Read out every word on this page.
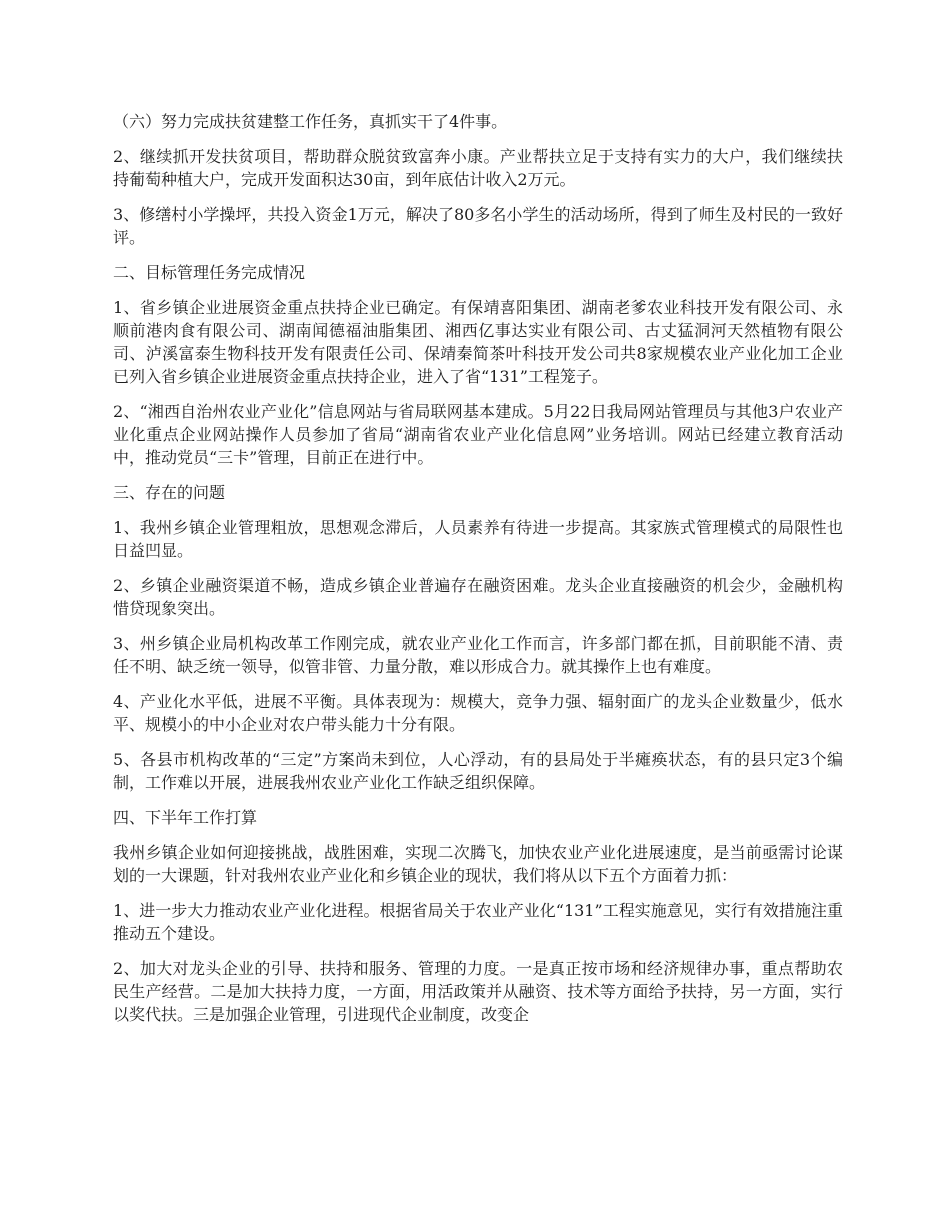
（六）努力完成扶贫建整工作任务，真抓实干了4件事。

2、继续抓开发扶贫项目，帮助群众脱贫致富奔小康。产业帮扶立足于支持有实力的大户，我们继续扶持葡萄种植大户，完成开发面积达30亩，到年底估计收入2万元。

3、修缮村小学操坪，共投入资金1万元，解决了80多名小学生的活动场所，得到了师生及村民的一致好评。

二、目标管理任务完成情况

1、省乡镇企业进展资金重点扶持企业已确定。有保靖喜阳集团、湖南老爹农业科技开发有限公司、永顺前港肉食有限公司、湖南闻德福油脂集团、湘西亿事达实业有限公司、古丈猛洞河天然植物有限公司、泸溪富泰生物科技开发有限责任公司、保靖秦简茶叶科技开发公司共8家规模农业产业化加工企业已列入省乡镇企业进展资金重点扶持企业，进入了省“131”工程笼子。

2、“湘西自治州农业产业化”信息网站与省局联网基本建成。5月22日我局网站管理员与其他3户农业产业化重点企业网站操作人员参加了省局“湖南省农业产业化信息网”业务培训。网站已经建立教育活动中，推动党员“三卡”管理，目前正在进行中。

三、存在的问题

1、我州乡镇企业管理粗放，思想观念滞后，人员素养有待进一步提高。其家族式管理模式的局限性也日益凹显。

2、乡镇企业融资渠道不畅，造成乡镇企业普遍存在融资困难。龙头企业直接融资的机会少，金融机构惜贷现象突出。

3、州乡镇企业局机构改革工作刚完成，就农业产业化工作而言，许多部门都在抓，目前职能不清、责任不明、缺乏统一领导，似管非管、力量分散，难以形成合力。就其操作上也有难度。

4、产业化水平低，进展不平衡。具体表现为：规模大，竞争力强、辐射面广的龙头企业数量少，低水平、规模小的中小企业对农户带头能力十分有限。

5、各县市机构改革的“三定”方案尚未到位，人心浮动，有的县局处于半瘫痪状态，有的县只定3个编制，工作难以开展，进展我州农业产业化工作缺乏组织保障。

四、下半年工作打算

我州乡镇企业如何迎接挑战，战胜困难，实现二次腾飞，加快农业产业化进展速度，是当前亟需讨论谋划的一大课题，针对我州农业产业化和乡镇企业的现状，我们将从以下五个方面着力抓：

1、进一步大力推动农业产业化进程。根据省局关于农业产业化“131”工程实施意见，实行有效措施注重推动五个建设。

2、加大对龙头企业的引导、扶持和服务、管理的力度。一是真正按市场和经济规律办事，重点帮助农民生产经营。二是加大扶持力度，一方面，用活政策并从融资、技术等方面给予扶持，另一方面，实行以奖代扶。三是加强企业管理，引进现代企业制度，改变企
